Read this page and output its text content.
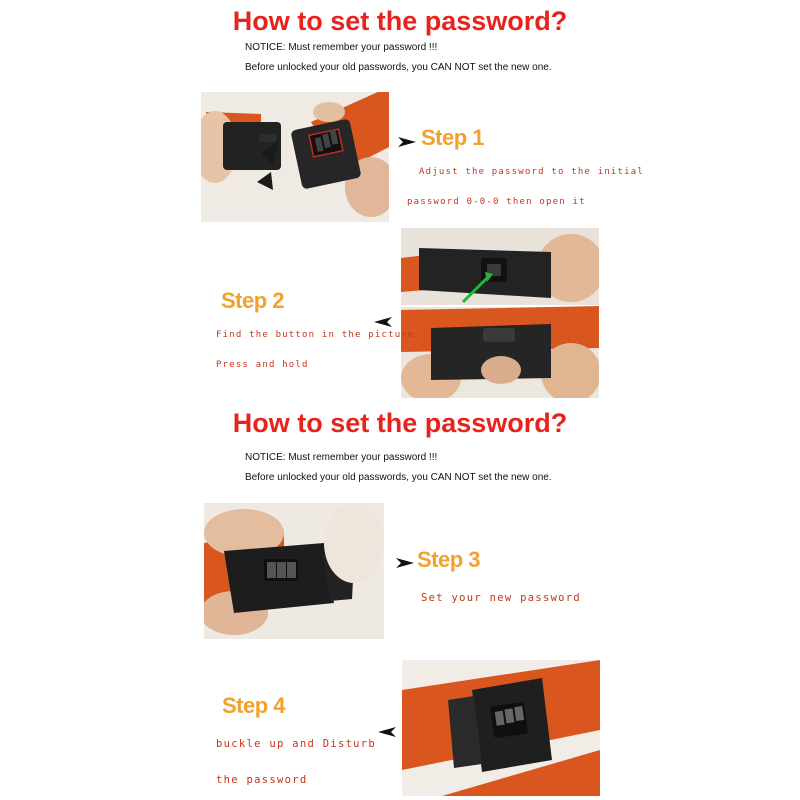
How to set the password?
NOTICE: Must remember your password !!!
Before unlocked your old passwords, you CAN NOT set the new one.
Step 1
Adjust the password to the initial
password 0-0-0 then open it
Step 2
Find the button in the picture
Press and hold
How to set the password?
NOTICE: Must remember your password !!!
Before unlocked your old passwords, you CAN NOT set the new one.
Step 3
Set your new password
Step 4
buckle up and Disturb
the password
